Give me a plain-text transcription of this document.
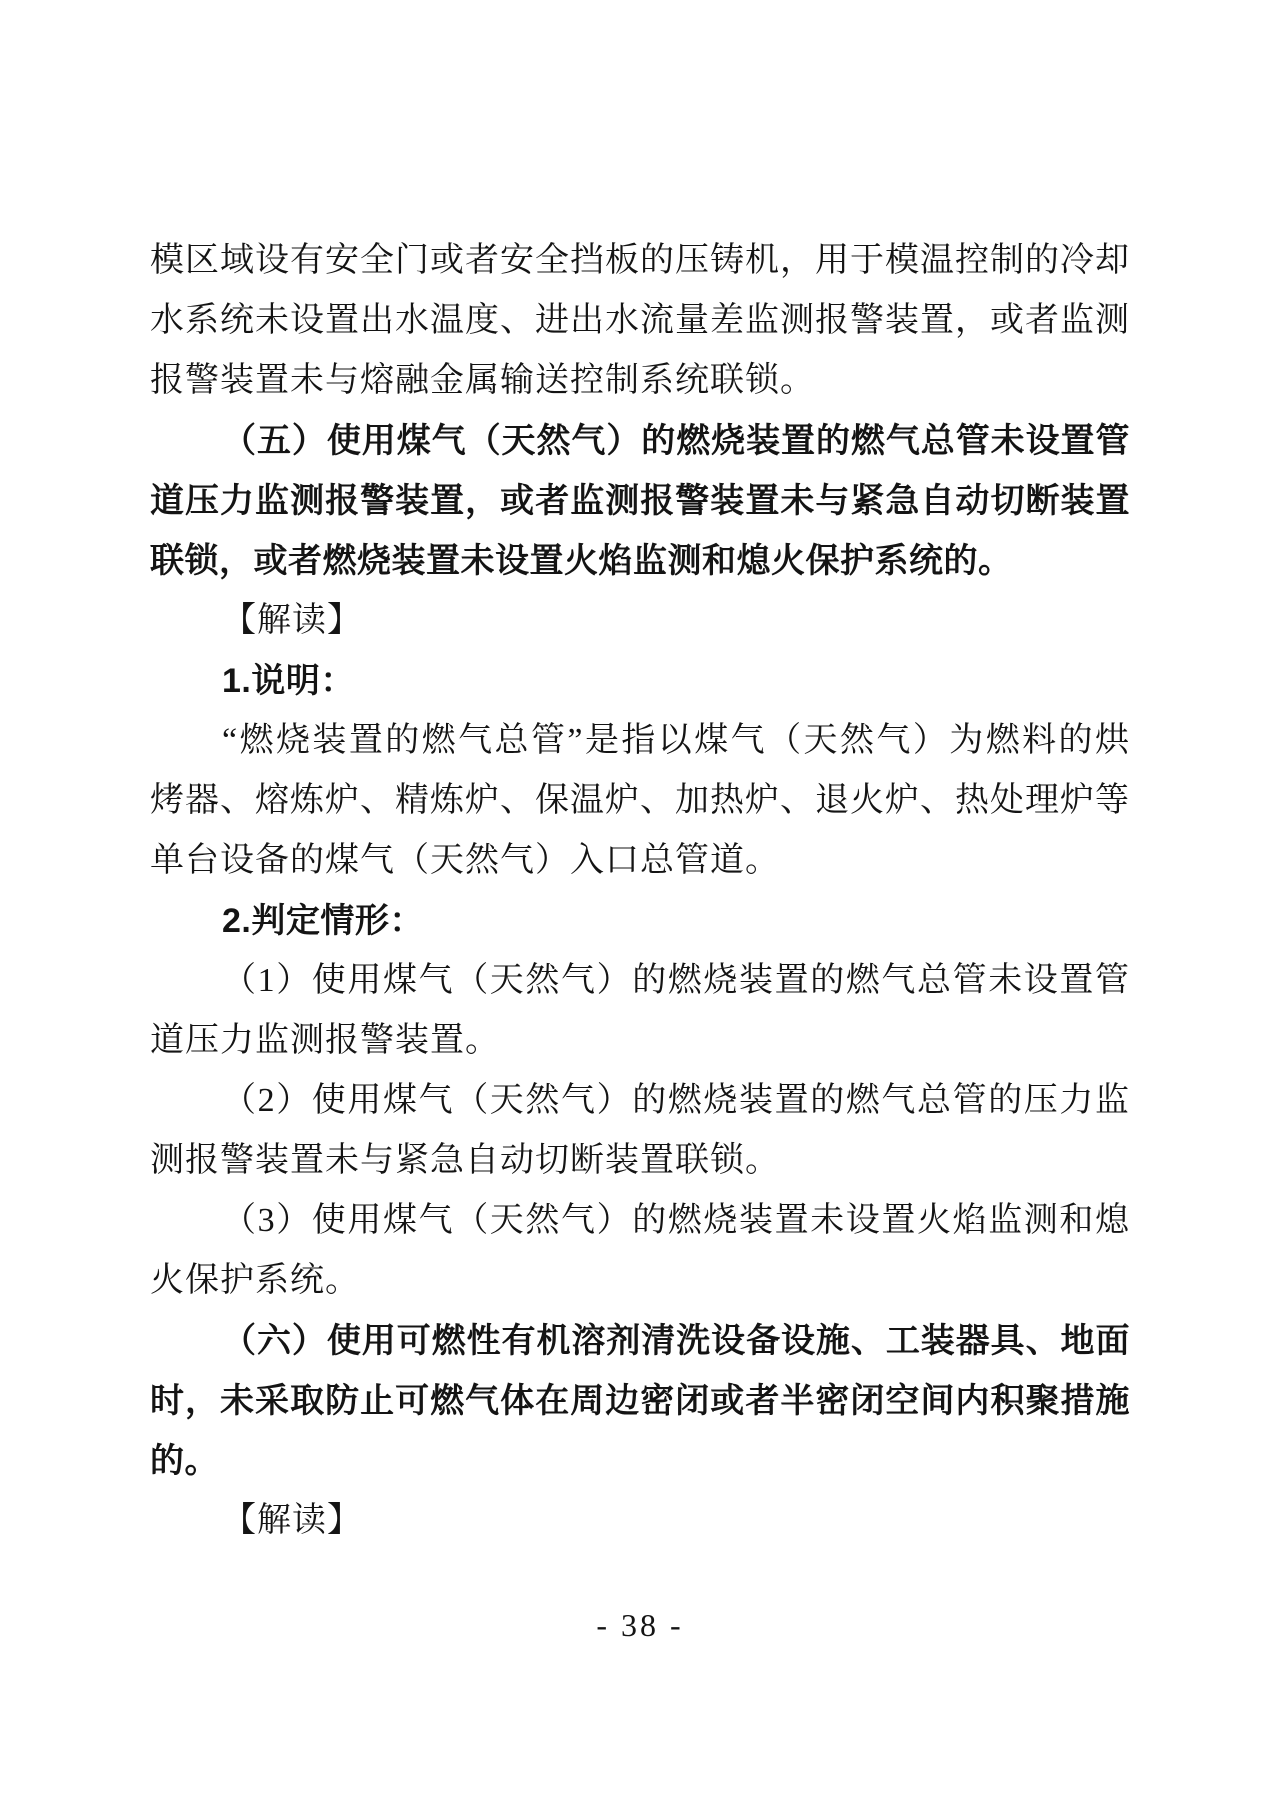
模区域设有安全门或者安全挡板的压铸机，用于模温控制的冷却
水系统未设置出水温度、进出水流量差监测报警装置，或者监测
报警装置未与熔融金属输送控制系统联锁。
（五）使用煤气（天然气）的燃烧装置的燃气总管未设置管
道压力监测报警装置，或者监测报警装置未与紧急自动切断装置
联锁，或者燃烧装置未设置火焰监测和熄火保护系统的。
【解读】
1.说明：
“燃烧装置的燃气总管”是指以煤气（天然气）为燃料的烘
烤器、熔炼炉、精炼炉、保温炉、加热炉、退火炉、热处理炉等
单台设备的煤气（天然气）入口总管道。
2.判定情形：
（1）使用煤气（天然气）的燃烧装置的燃气总管未设置管
道压力监测报警装置。
（2）使用煤气（天然气）的燃烧装置的燃气总管的压力监
测报警装置未与紧急自动切断装置联锁。
（3）使用煤气（天然气）的燃烧装置未设置火焰监测和熄
火保护系统。
（六）使用可燃性有机溶剂清洗设备设施、工装器具、地面
时，未采取防止可燃气体在周边密闭或者半密闭空间内积聚措施
的。
【解读】
- 38 -
